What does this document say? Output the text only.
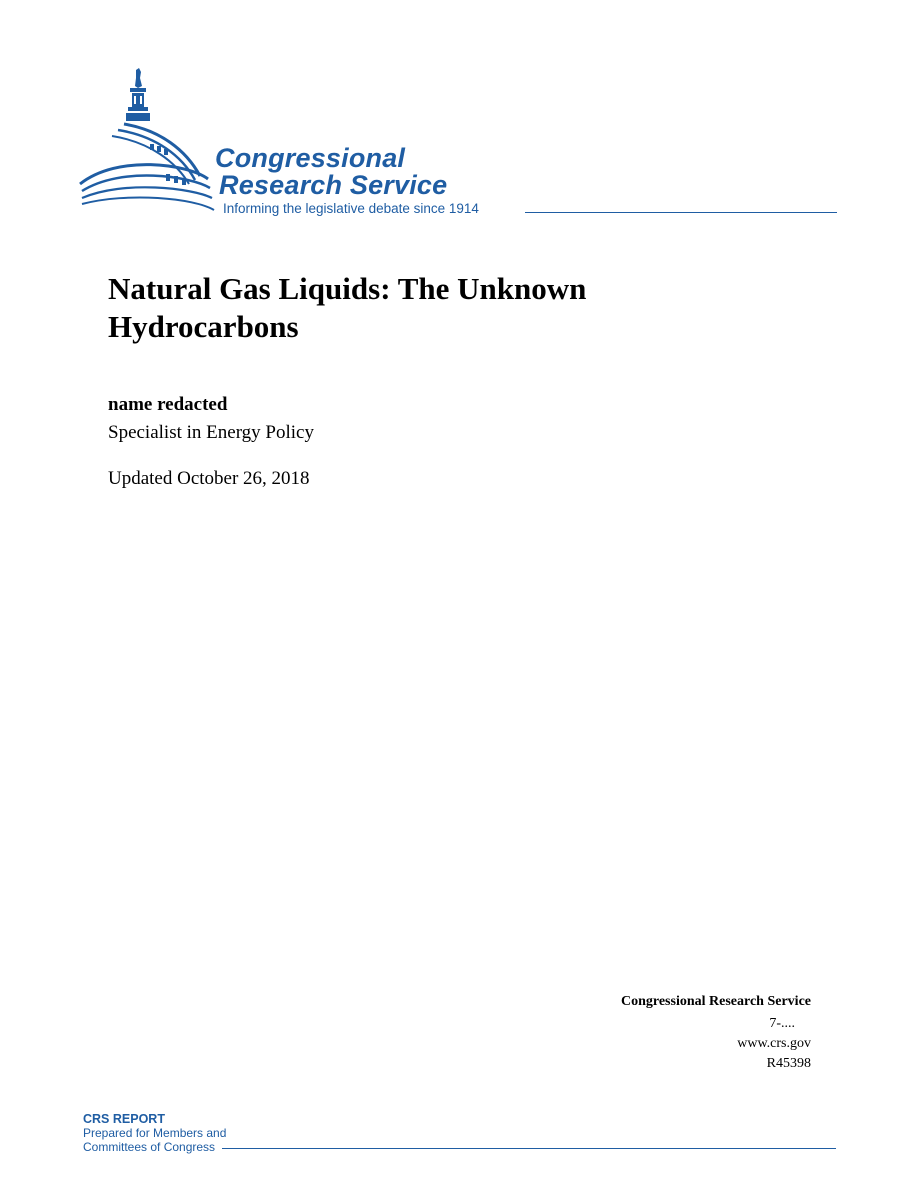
Congressional
Research Service
Informing the legislative debate since 1914
Natural Gas Liquids: The Unknown Hydrocarbons
name redacted
Specialist in Energy Policy
Updated October 26, 2018
Congressional Research Service
7-....
www.crs.gov
R45398
CRS REPORT
Prepared for Members and
Committees of Congress
